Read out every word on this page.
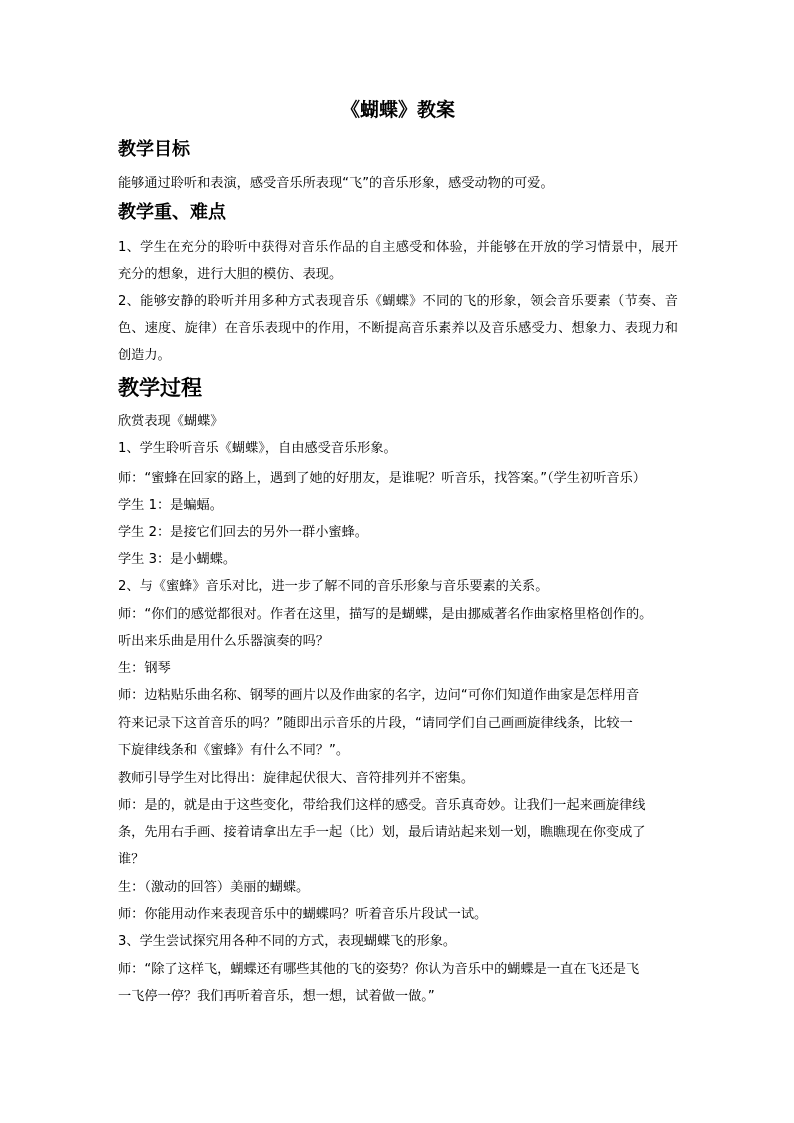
《蝴蝶》教案
教学目标
能够通过聆听和表演，感受音乐所表现“飞”的音乐形象，感受动物的可爱。
教学重、难点
1、学生在充分的聆听中获得对音乐作品的自主感受和体验，并能够在开放的学习情景中，展开充分的想象，进行大胆的模仿、表现。
2、能够安静的聆听并用多种方式表现音乐《蝴蝶》不同的飞的形象，领会音乐要素（节奏、音色、速度、旋律）在音乐表现中的作用，不断提高音乐素养以及音乐感受力、想象力、表现力和创造力。
教学过程
欣赏表现《蝴蝶》
1、学生聆听音乐《蝴蝶》，自由感受音乐形象。
师：“蜜蜂在回家的路上，遇到了她的好朋友，是谁呢？听音乐，找答案。”（学生初听音乐）
学生 1：是蝙蝠。
学生 2：是接它们回去的另外一群小蜜蜂。
学生 3：是小蝴蝶。
2、与《蜜蜂》音乐对比，进一步了解不同的音乐形象与音乐要素的关系。
师：“你们的感觉都很对。作者在这里，描写的是蝴蝶，是由挪威著名作曲家格里格创作的。
听出来乐曲是用什么乐器演奏的吗？
生：钢琴
师：边粘贴乐曲名称、钢琴的画片以及作曲家的名字，边问“可你们知道作曲家是怎样用音
符来记录下这首音乐的吗？”随即出示音乐的片段，“请同学们自己画画旋律线条，比较一
下旋律线条和《蜜蜂》有什么不同？”。
教师引导学生对比得出：旋律起伏很大、音符排列并不密集。
师：是的，就是由于这些变化，带给我们这样的感受。音乐真奇妙。让我们一起来画旋律线
条，先用右手画、接着请拿出左手一起（比）划，最后请站起来划一划，瞧瞧现在你变成了
谁？
生：（激动的回答）美丽的蝴蝶。
师：你能用动作来表现音乐中的蝴蝶吗？听着音乐片段试一试。
3、学生尝试探究用各种不同的方式，表现蝴蝶飞的形象。
师：“除了这样飞，蝴蝶还有哪些其他的飞的姿势？你认为音乐中的蝴蝶是一直在飞还是飞
一飞停一停？我们再听着音乐，想一想，试着做一做。”
